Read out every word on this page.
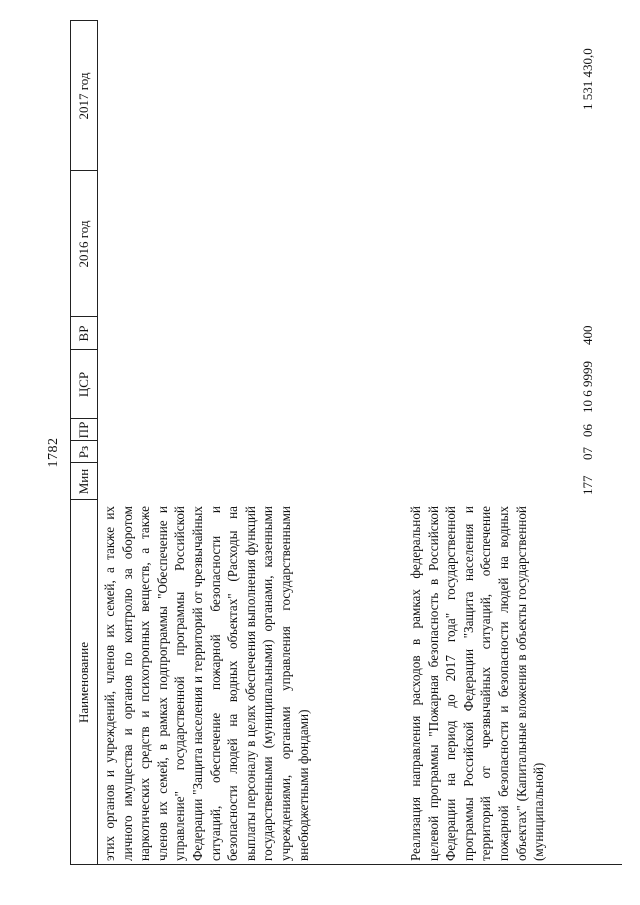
1782
Наименование
Мин
Рз
ПР
ЦСР
ВР
2016 год
2017 год
этих органов и учреждений, членов их семей, а также их личного имущества и органов по контролю за оборотом наркотических средств и психотропных веществ, а также членов их семей, в рамках подпрограммы "Обеспечение и управление" государственной программы Российской Федерации "Защита населения и территорий от чрезвычайных ситуаций, обеспечение пожарной безопасности и безопасности людей на водных объектах" (Расходы на выплаты персоналу в целях обеспечения выполнения функций государственными (муниципальными) органами, казенными учреждениями, органами управления государственными внебюджетными фондами)	Реализация направления расходов в рамках федеральной целевой программы "Пожарная безопасность в Российской Федерации на период до 2017 года" государственной программы Российской Федерации "Защита населения и территорий от чрезвычайных ситуаций, обеспечение пожарной безопасности и безопасности людей на водных объектах" (Капитальные вложения в объекты государственной (муниципальной)
177
07
06
10 6 9999
400
1 531 430,0
